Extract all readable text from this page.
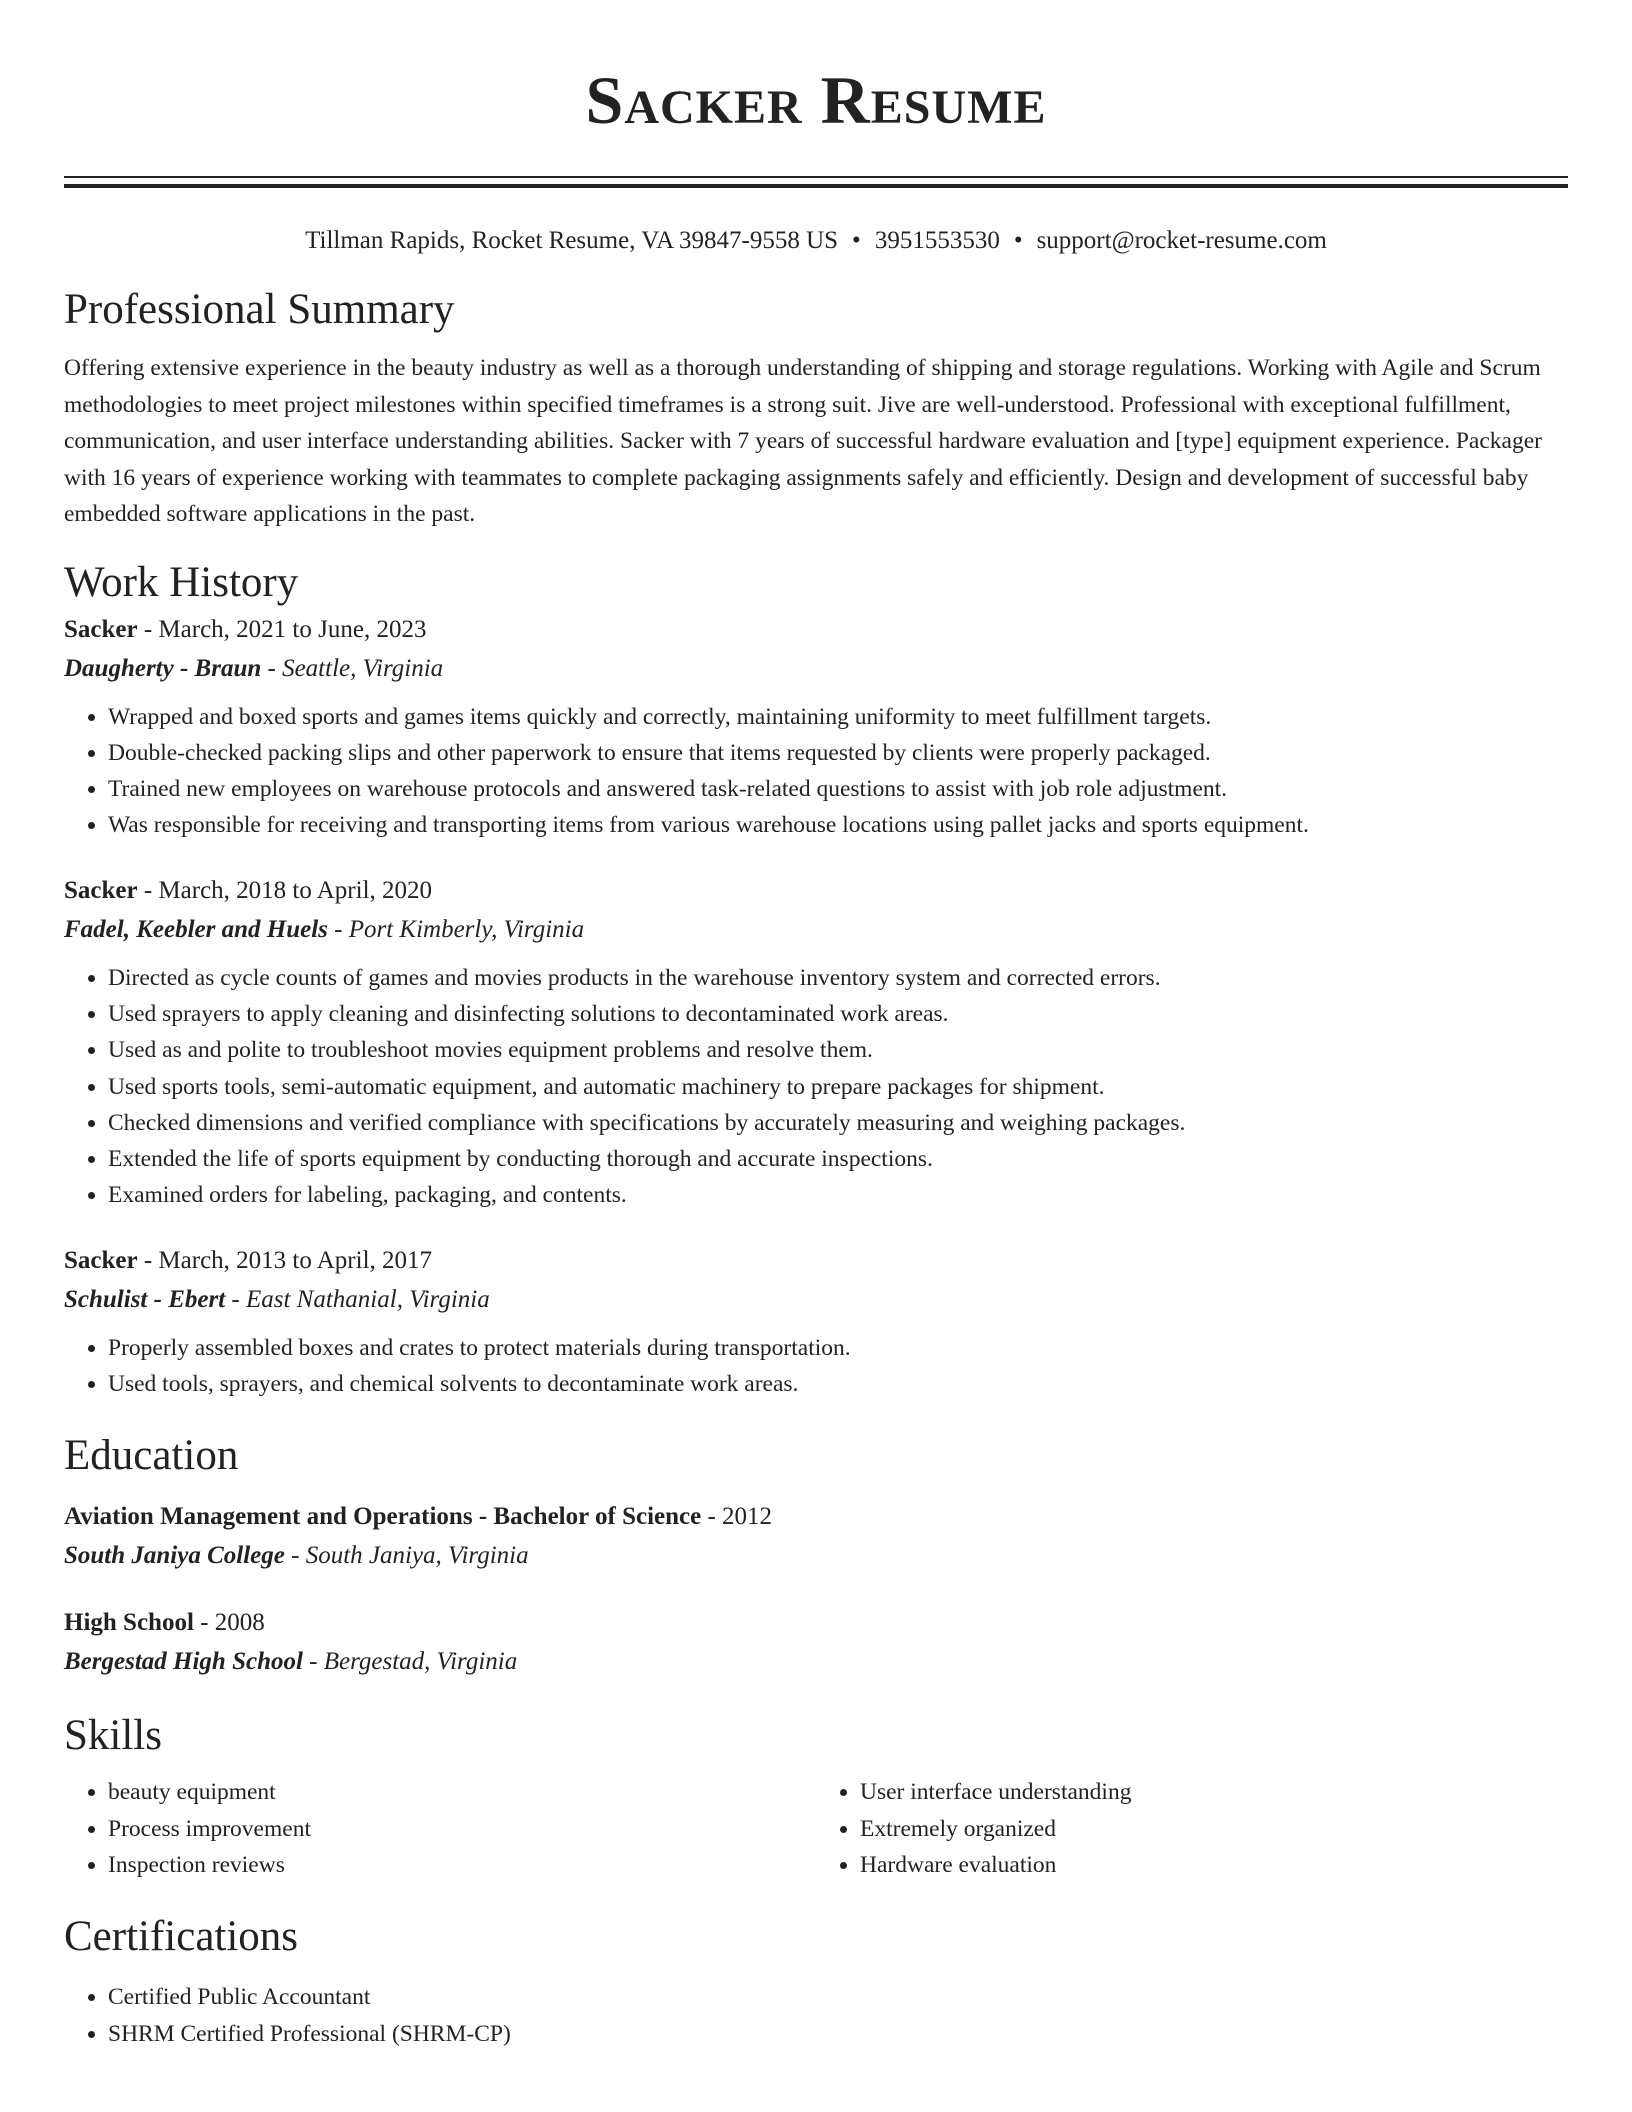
Sacker Resume
Tillman Rapids, Rocket Resume, VA 39847-9558 US • 3951553530 • support@rocket-resume.com
Professional Summary

Offering extensive experience in the beauty industry as well as a thorough understanding of shipping and storage regulations. Working with Agile and Scrum methodologies to meet project milestones within specified timeframes is a strong suit. Jive are well-understood. Professional with exceptional fulfillment, communication, and user interface understanding abilities. Sacker with 7 years of successful hardware evaluation and [type] equipment experience. Packager with 16 years of experience working with teammates to complete packaging assignments safely and efficiently. Design and development of successful baby embedded software applications in the past.

Work History
Sacker - March, 2021 to June, 2023
Daugherty - Braun - Seattle, Virginia
• Wrapped and boxed sports and games items quickly and correctly, maintaining uniformity to meet fulfillment targets.
• Double-checked packing slips and other paperwork to ensure that items requested by clients were properly packaged.
• Trained new employees on warehouse protocols and answered task-related questions to assist with job role adjustment.
• Was responsible for receiving and transporting items from various warehouse locations using pallet jacks and sports equipment.
Sacker - March, 2018 to April, 2020
Fadel, Keebler and Huels - Port Kimberly, Virginia
• Directed as cycle counts of games and movies products in the warehouse inventory system and corrected errors.
• Used sprayers to apply cleaning and disinfecting solutions to decontaminated work areas.
• Used as and polite to troubleshoot movies equipment problems and resolve them.
• Used sports tools, semi-automatic equipment, and automatic machinery to prepare packages for shipment.
• Checked dimensions and verified compliance with specifications by accurately measuring and weighing packages.
• Extended the life of sports equipment by conducting thorough and accurate inspections.
• Examined orders for labeling, packaging, and contents.
Sacker - March, 2013 to April, 2017
Schulist - Ebert - East Nathanial, Virginia
• Properly assembled boxes and crates to protect materials during transportation.
• Used tools, sprayers, and chemical solvents to decontaminate work areas.
Education
Aviation Management and Operations - Bachelor of Science - 2012
South Janiya College - South Janiya, Virginia
High School - 2008
Bergestad High School - Bergestad, Virginia
Skills
• beauty equipment
• Process improvement
• Inspection reviews
• User interface understanding
• Extremely organized
• Hardware evaluation
Certifications
• Certified Public Accountant
• SHRM Certified Professional (SHRM-CP)
